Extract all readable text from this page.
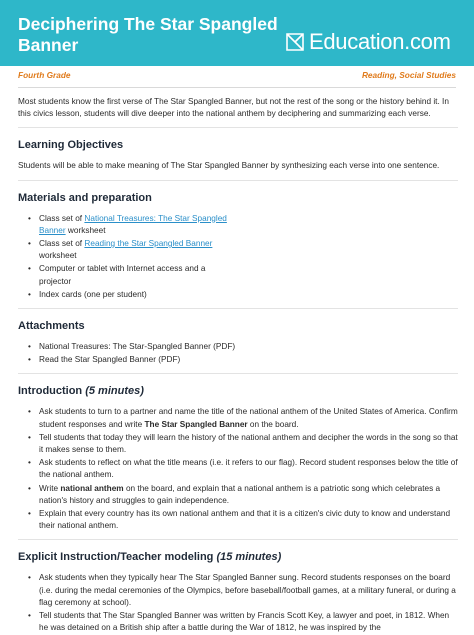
Deciphering The Star Spangled Banner	Education.com
Fourth Grade	Reading, Social Studies

Most students know the first verse of The Star Spangled Banner, but not the rest of the song or the history behind it. In this civics lesson, students will dive deeper into the national anthem by deciphering and summarizing each verse.

Learning Objectives

Students will be able to make meaning of The Star Spangled Banner by synthesizing each verse into one sentence.

Materials and preparation
• Class set of National Treasures: The Star Spangled Banner worksheet
• Class set of Reading the Star Spangled Banner worksheet
• Computer or tablet with Internet access and a projector
• Index cards (one per student)
Attachments
• National Treasures: The Star-Spangled Banner (PDF)
• Read the Star Spangled Banner (PDF)
Introduction (5 minutes)
• Ask students to turn to a partner and name the title of the national anthem of the United States of America. Confirm student responses and write The Star Spangled Banner on the board.
• Tell students that today they will learn the history of the national anthem and decipher the words in the song so that it makes sense to them.
• Ask students to reflect on what the title means (i.e. it refers to our flag). Record student responses below the title of the national anthem.
• Write national anthem on the board, and explain that a national anthem is a patriotic song which celebrates a nation's history and struggles to gain independence.
• Explain that every country has its own national anthem and that it is a citizen's civic duty to know and understand their national anthem.
Explicit Instruction/Teacher modeling (15 minutes)
• Ask students when they typically hear The Star Spangled Banner sung. Record students responses on the board (i.e. during the medal ceremonies of the Olympics, before baseball/football games, at a military funeral, or during a flag ceremony at school).
• Tell students that The Star Spangled Banner was written by Francis Scott Key, a lawyer and poet, in 1812. When he was detained on a British ship after a battle during the War of 1812, he was inspired by the
